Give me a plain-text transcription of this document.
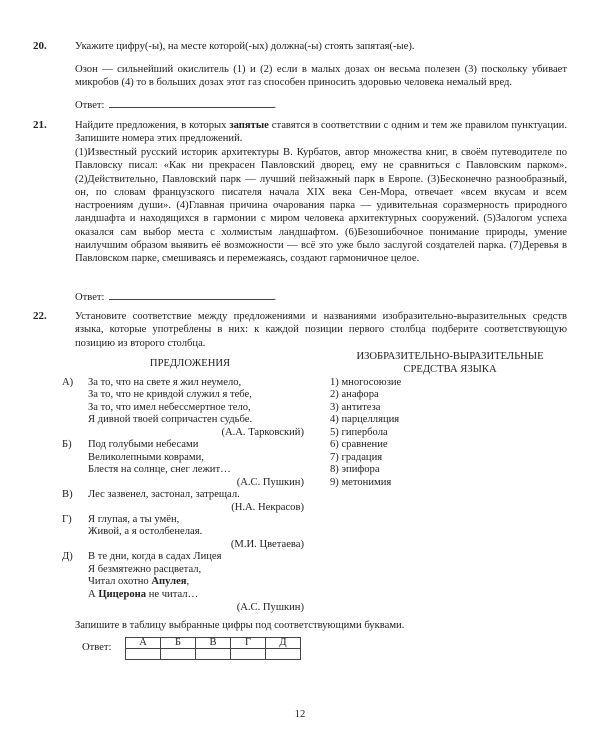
20.	Укажите цифру(-ы), на месте которой(-ых) должна(-ы) стоять запятая(-ые).
Озон — сильнейший окислитель (1) и (2) если в малых дозах он весьма полезен (3) поскольку убивает микробов (4) то в больших дозах этот газ способен приносить здоровью человека немалый вред.
Ответ:	.
21.	Найдите предложения, в которых запятые ставятся в соответствии с одним и тем же правилом пунктуации. Запишите номера этих предложений.
(1)Известный русский историк архитектуры В. Курбатов, автор множества книг, в своём путеводителе по Павловску писал: «Как ни прекрасен Павловский дворец, ему не сравниться с Павловским парком». (2)Действительно, Павловский парк — лучший пейзажный парк в Европе. (3)Бесконечно разнообразный, он, по словам французского писателя начала XIX века Сен-Мора, отвечает «всем вкусам и всем настроениям души». (4)Главная причина очарования парка — удивительная соразмерность природного ландшафта и находящихся в гармонии с миром человека архитектурных сооружений. (5)Залогом успеха оказался сам выбор места с холмистым ландшафтом. (6)Безошибочное понимание природы, умение наилучшим образом выявить её возможности — всё это уже было заслугой создателей парка. (7)Деревья в Павловском парке, смешиваясь и перемежаясь, создают гармоничное целое.
Ответ:	.
22.	Установите соответствие между предложениями и названиями изобразительно-выразительных средств языка, которые употреблены в них: к каждой позиции первого столбца подберите соответствующую позицию из второго столбца.
ПРЕДЛОЖЕНИЯ
ИЗОБРАЗИТЕЛЬНО-ВЫРАЗИТЕЛЬНЫЕ
СРЕДСТВА ЯЗЫКА
А) За то, что на свете я жил неумело,
За то, что не кривдой служил я тебе,
За то, что имел небессмертное тело,
Я дивной твоей сопричастен судьбе.
(А.А. Тарковский)
Б) Под голубыми небесами
Великолепными коврами,
Блестя на солнце, снег лежит…
(А.С. Пушкин)
В) Лес зазвенел, застонал, затрещал.
(Н.А. Некрасов)
Г) Я глупая, а ты умён,
Живой, а я остолбенелая.
(М.И. Цветаева)
Д) В те дни, когда в садах Лицея
Я безмятежно расцветал,
Читал охотно Апулея,
А Цицерона не читал…
(А.С. Пушкин)
1) многосоюзие
2) анафора
3) антитеза
4) парцелляция
5) гипербола
6) сравнение
7) градация
8) эпифора
9) метонимия
Запишите в таблицу выбранные цифры под соответствующими буквами.
Ответ:	А	Б	В	Г	Д

12
